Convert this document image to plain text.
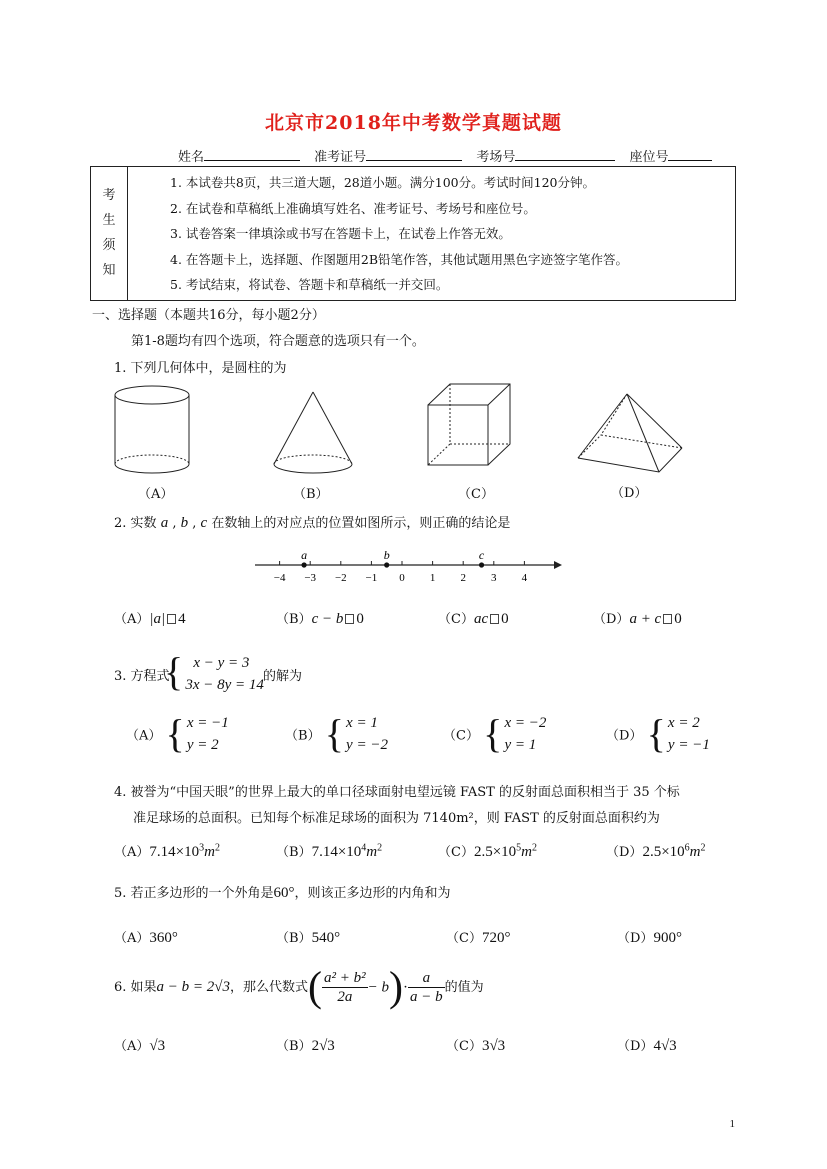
北京市2018年中考数学真题试题
姓名	准考证号	考场号	座位号
考
生
须
知

1. 本试卷共8页，共三道大题，28道小题。满分100分。考试时间120分钟。
2. 在试卷和草稿纸上准确填写姓名、准考证号、考场号和座位号。
3. 试卷答案一律填涂或书写在答题卡上，在试卷上作答无效。
4. 在答题卡上，选择题、作图题用2B铅笔作答，其他试题用黑色字迹签字笔作答。
5. 考试结束，将试卷、答题卡和草稿纸一并交回。
一、选择题（本题共16分，每小题2分）
第1-8题均有四个选项，符合题意的选项只有一个。
1. 下列几何体中，是圆柱的为
（A）	（B）	（C）	（D）
2. 实数 a , b , c 在数轴上的对应点的位置如图所示，则正确的结论是
−4 −3 −2 −1 0 1 2 3 4
a	b	c
（A）|a| 4	（B）c − b 0	（C）ac 0	（D）a + c 0
3. 方程式
{ x − y = 3
3x − 8y = 14
的解为
（A） { x = −1
y = 2
（B） { x = 1
y = −2
（C） { x = −2
y = 1
（D） { x = 2
y = −1
4. 被誉为“中国天眼”的世界上最大的单口径球面射电望远镜 FAST 的反射面总面积相当于 35 个标
准足球场的总面积。已知每个标准足球场的面积为 7140m²，则 FAST 的反射面总面积约为
$(A)7.14\times 10^3m^2$	$(B)7.14\times 10^4m^2$	$(C)2.5\times 10^5m^2$	$(D)2.5\times 10^6m^2$
5. 若正多边形的一个外角是60°，则该正多边形的内角和为
（A）360°	（B）540°	（C）720°	（D）900°
6. 如果a − b = 2√3，那么代数式( $\frac{\text{a² + b²}}{2a} - b)\cdot \frac{a}{a - b}$ 的值为
（A）√3	（B）2√3	（C）3√3	（D）4√3
1
